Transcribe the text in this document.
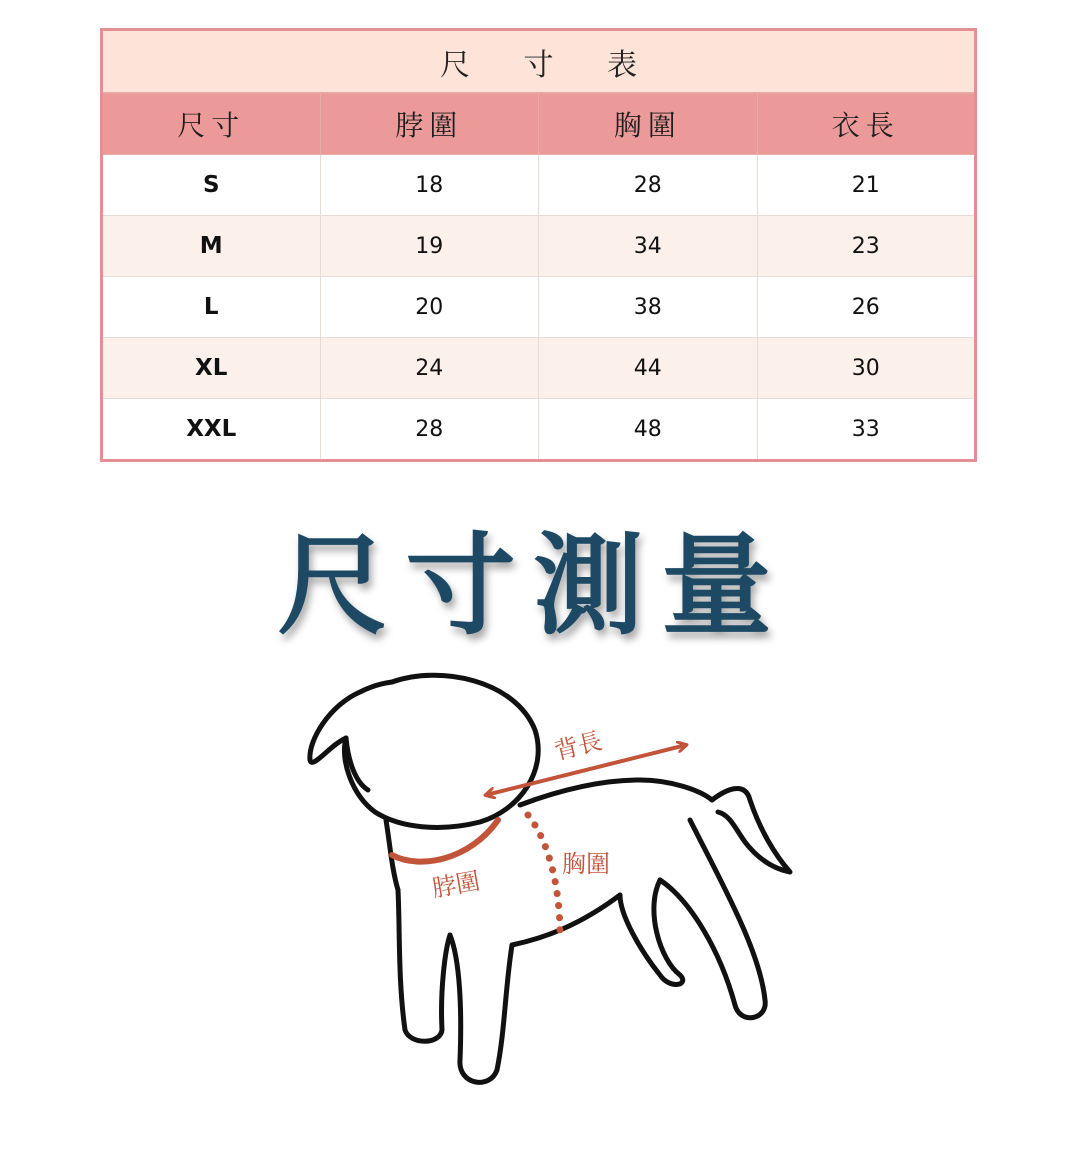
尺 寸 表			
尺寸	脖圍	胸圍	衣長
S	18	28	21
M	19	34	23
L	20	38	26
XL	24	44	30
XXL	28	48	33
尺寸測量
背長
胸圍
脖圍
